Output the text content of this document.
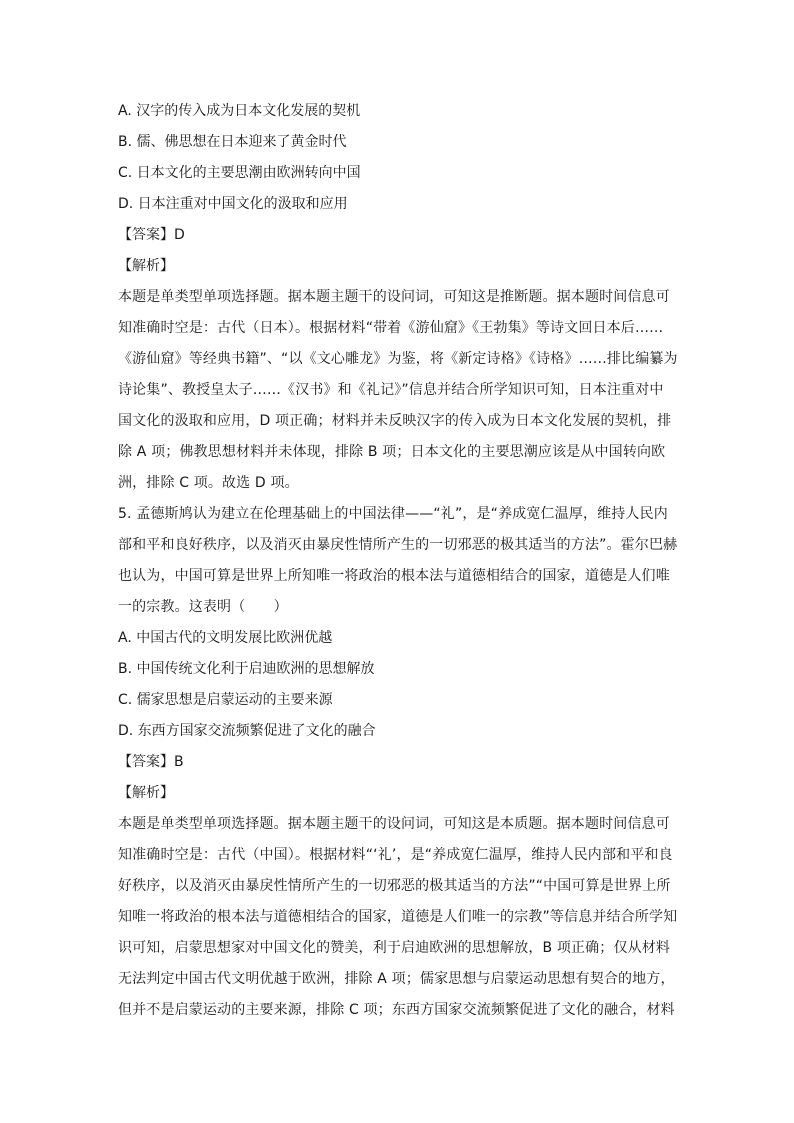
A. 汉字的传入成为日本文化发展的契机
B. 儒、佛思想在日本迎来了黄金时代
C. 日本文化的主要思潮由欧洲转向中国
D. 日本注重对中国文化的汲取和应用
【答案】D
【解析】
本题是单类型单项选择题。据本题主题干的设问词，可知这是推断题。据本题时间信息可
知准确时空是：古代（日本）。根据材料“带着《游仙窟》《王勃集》等诗文回日本后……
《游仙窟》等经典书籍”、“以《文心雕龙》为鉴，将《新定诗格》《诗格》……排比编纂为
诗论集”、教授皇太子……《汉书》和《礼记》”信息并结合所学知识可知，日本注重对中
国文化的汲取和应用，D 项正确；材料并未反映汉字的传入成为日本文化发展的契机，排
除 A 项；佛教思想材料并未体现，排除 B 项；日本文化的主要思潮应该是从中国转向欧
洲，排除 C 项。故选 D 项。
5. 孟德斯鸠认为建立在伦理基础上的中国法律——“礼”，是“养成宽仁温厚，维持人民内
部和平和良好秩序，以及消灭由暴戾性情所产生的一切邪恶的极其适当的方法”。霍尔巴赫
也认为，中国可算是世界上所知唯一将政治的根本法与道德相结合的国家，道德是人们唯
一的宗教。这表明（　　）
A. 中国古代的文明发展比欧洲优越
B. 中国传统文化利于启迪欧洲的思想解放
C. 儒家思想是启蒙运动的主要来源
D. 东西方国家交流频繁促进了文化的融合
【答案】B
【解析】
本题是单类型单项选择题。据本题主题干的设问词，可知这是本质题。据本题时间信息可
知准确时空是：古代（中国）。根据材料“‘礼’，是“养成宽仁温厚，维持人民内部和平和良
好秩序，以及消灭由暴戾性情所产生的一切邪恶的极其适当的方法”“中国可算是世界上所
知唯一将政治的根本法与道德相结合的国家，道德是人们唯一的宗教”等信息并结合所学知
识可知，启蒙思想家对中国文化的赞美，利于启迪欧洲的思想解放，B 项正确；仅从材料
无法判定中国古代文明优越于欧洲，排除 A 项；儒家思想与启蒙运动思想有契合的地方，
但并不是启蒙运动的主要来源，排除 C 项；东西方国家交流频繁促进了文化的融合，材料
